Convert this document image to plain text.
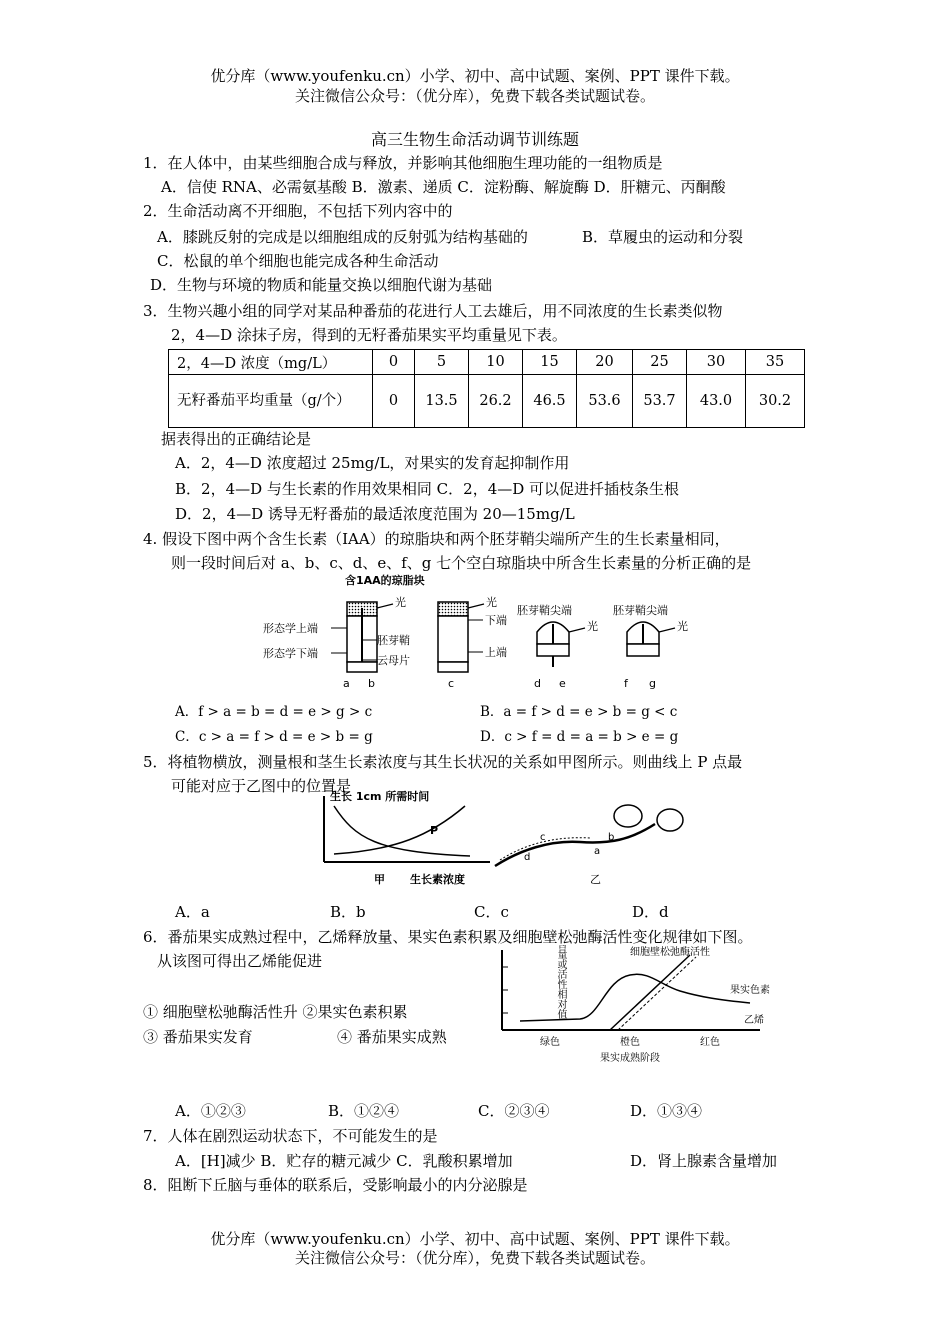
优分库（www.youfenku.cn）小学、初中、高中试题、案例、PPT 课件下载。
关注微信公众号：（优分库），免费下载各类试题试卷。
高三生物生命活动调节训练题
1．在人体中，由某些细胞合成与释放，并影响其他细胞生理功能的一组物质是
A．信使 RNA、必需氨基酸 B．激素、递质 C．淀粉酶、解旋酶 D．肝糖元、丙酮酸
2．生命活动离不开细胞，不包括下列内容中的
A．膝跳反射的完成是以细胞组成的反射弧为结构基础的	B．草履虫的运动和分裂
C．松鼠的单个细胞也能完成各种生命活动
D．生物与环境的物质和能量交换以细胞代谢为基础
3．生物兴趣小组的同学对某品种番茄的花进行人工去雄后，用不同浓度的生长素类似物
2，4—D 涂抹子房，得到的无籽番茄果实平均重量见下表。
2，4—D 浓度（mg/L）	0	5	10	15	20	25	30	35
无籽番茄平均重量（g/个）	0	13.5	26.2	46.5	53.6	53.7	43.0	30.2
据表得出的正确结论是
A．2，4—D 浓度超过 25mg/L，对果实的发育起抑制作用
B．2，4—D 与生长素的作用效果相同 C．2，4—D 可以促进扦插枝条生根
D．2，4—D 诱导无籽番茄的最适浓度范围为 20—15mg/L
4. 假设下图中两个含生长素（IAA）的琼脂块和两个胚芽鞘尖端所产生的生长素量相同，
则一段时间后对 a、b、c、d、e、f、g 七个空白琼脂块中所含生长素量的分析正确的是
含1AA的琼脂块
光
形态学上端
形态学下端
胚芽鞘
云母片
a b
光
下端
上端
c
胚芽鞘尖端
光
d e
胚芽鞘尖端
光
f g
A．f > a = b = d = e > g > c	B．a = f > d = e > b = g < c
C．c > a = f > d = e > b = g	D．c > f = d = a = b > e = g
5．将植物横放，测量根和茎生长素浓度与其生长状况的关系如甲图所示。则曲线上 P 点最
可能对应于乙图中的位置是
生长 1cm 所需时间
P
甲 生长素浓度
a
b
c
d
乙
A．a	B．b	C．c	D．d
6．番茄果实成熟过程中，乙烯释放量、果实色素积累及细胞壁松弛酶活性变化规律如下图。
从该图可得出乙烯能促进
① 细胞壁松驰酶活性升 ②果实色素积累
③ 番茄果实发育	④ 番茄果实成熟
细胞壁松弛酶活性
果实色素
乙烯
绿色	橙色	红色
果实成熟阶段
A．①②③	B．①②④	C．②③④	D．①③④
7．人体在剧烈运动状态下，不可能发生的是
A．[H]减少 B．贮存的糖元减少 C．乳酸积累增加	D．肾上腺素含量增加
8．阻断下丘脑与垂体的联系后，受影响最小的内分泌腺是
优分库（www.youfenku.cn）小学、初中、高中试题、案例、PPT 课件下载。
关注微信公众号：（优分库），免费下载各类试题试卷。
